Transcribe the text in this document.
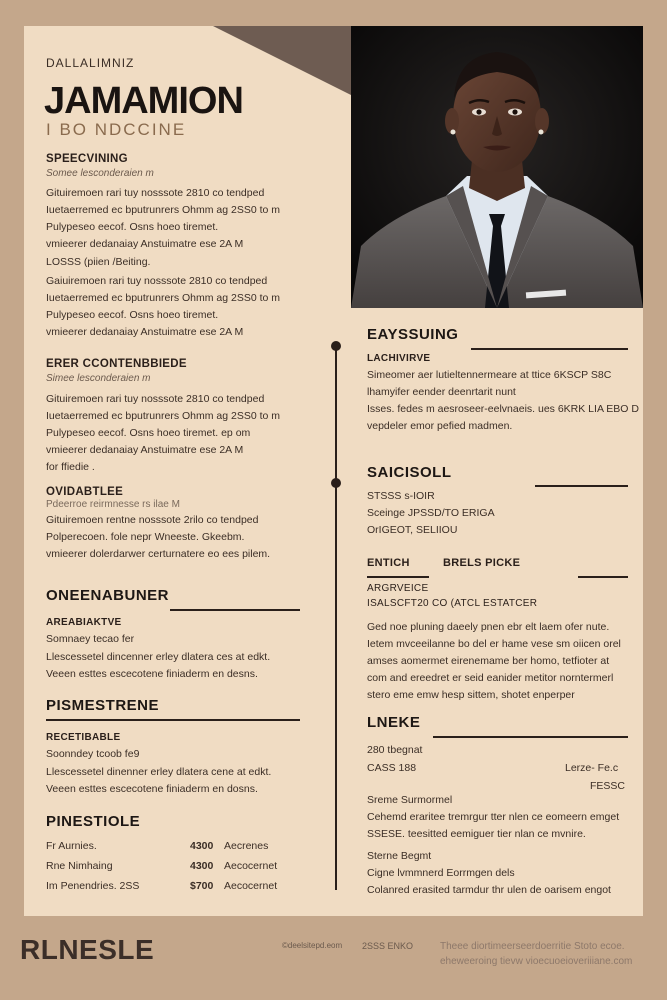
DALLALIMNIZ
JAMAMION
I BO NDCCINE
SPEECVINING
Somee lesconderaien m
Gituiremoen rari tuy nosssote 2810 co tendped
Iuetaerremed ec bputrunrers Ohmm ag 2SS0 to m
Pulypeseo eecof. Osns hoeo tiremet.
vmieerer dedanaiay Anstuimatre ese 2A M
LOSSS (piien /Beiting.
Gaiuiremoen rari tuy nosssote 2810 co tendped
Iuetaerremed ec bputrunrers Ohmm ag 2SS0 to m
Pulypeseo eecof. Osns hoeo tiremet.
vmieerer dedanaiay Anstuimatre ese 2A M
ERER CCONTENBBIEDE
Simee lesconderaien m
Gituiremoen rari tuy nosssote 2810 co tendped
Iuetaerremed ec bputrunrers Ohmm ag 2SS0 to m
Pulypeseo eecof. Osns hoeo tiremet. ep om
vmieerer dedanaiay Anstuimatre ese 2A M
for ffiedie .
OVIDABTLEE
Pdeerroe reirmnesse rs ilae M
Gituiremoen rentne nosssote 2rilo co tendped
Polperecoen. fole nepr Wneeste. Gkeebm.
vmieerer dolerdarwer certurnatere eo ees pilem.
ONEENABUNER
AREABIAKTVE
Somnaey tecao fer
Llescessetel dincenner erley dlatera ces at edkt.
Veeen esttes escecotene finiaderm en desns.
PISMESTRENE
RECETIBABLE
Soonndey tcoob fe9
Llescessetel dinenner erley dlatera cene at edkt.
Veeen esttes escecotene finiaderm en dosns.
PINESTIOLE
Fr Aurnies.	4300 Aecrenes
Rne Nimhaing	4300 Aecocernet
Im Penendries. 2SS	$700 Aecocernet
EAYSSUING
LACHIVIRVE
Simeomer aer lutieltennermeare at ttice 6KSCP S8C
lhamyifer eender deenrtarit nunt
Isses. fedes m aesroseer-eelvnaeis. ues 6KRK LIA EBO D
vepdeler emor pefied madmen.
SAICISOLL
STSSS s-IOIR
Sceinge JPSSD/TO ERIGA
OrIGEOT, SELIIOU
ENTICH	BRELS PICKE
ARGRVEICE
ISALSCFT20 CO (ATCL ESTATCER
Ged noe pluning daeely pnen ebr elt laem ofer nute.
Ietem mvceeilanne bo del er hame vese sm oiicen orel
amses aomermet eirenemame ber homo, tetfioter at
com and ereedret er seid eanider metitor norntermerl
stero eme emw hesp sittem, shotet enperper
LNEKE
280 tbegnat
CASS 188	Lerze- Fe.c
FESSC
Sreme Surmormel
Cehemd eraritee tremrgur tter nlen ce eomeern emget
SSESE. teesitted eemiguer tier nlan ce mvnire.
Sterne Begmt
Cigne lvmmnerd Eorrmgen dels
Colanred erasited tarmdur thr ulen de oarisem engot
RLNESLE	©deelsitepd.eom 2SSS ENKO	Theee diortimeerseerdoerritie Stoto ecoe.
eheweeroing tievw vioecuoeioveriiiane.com
